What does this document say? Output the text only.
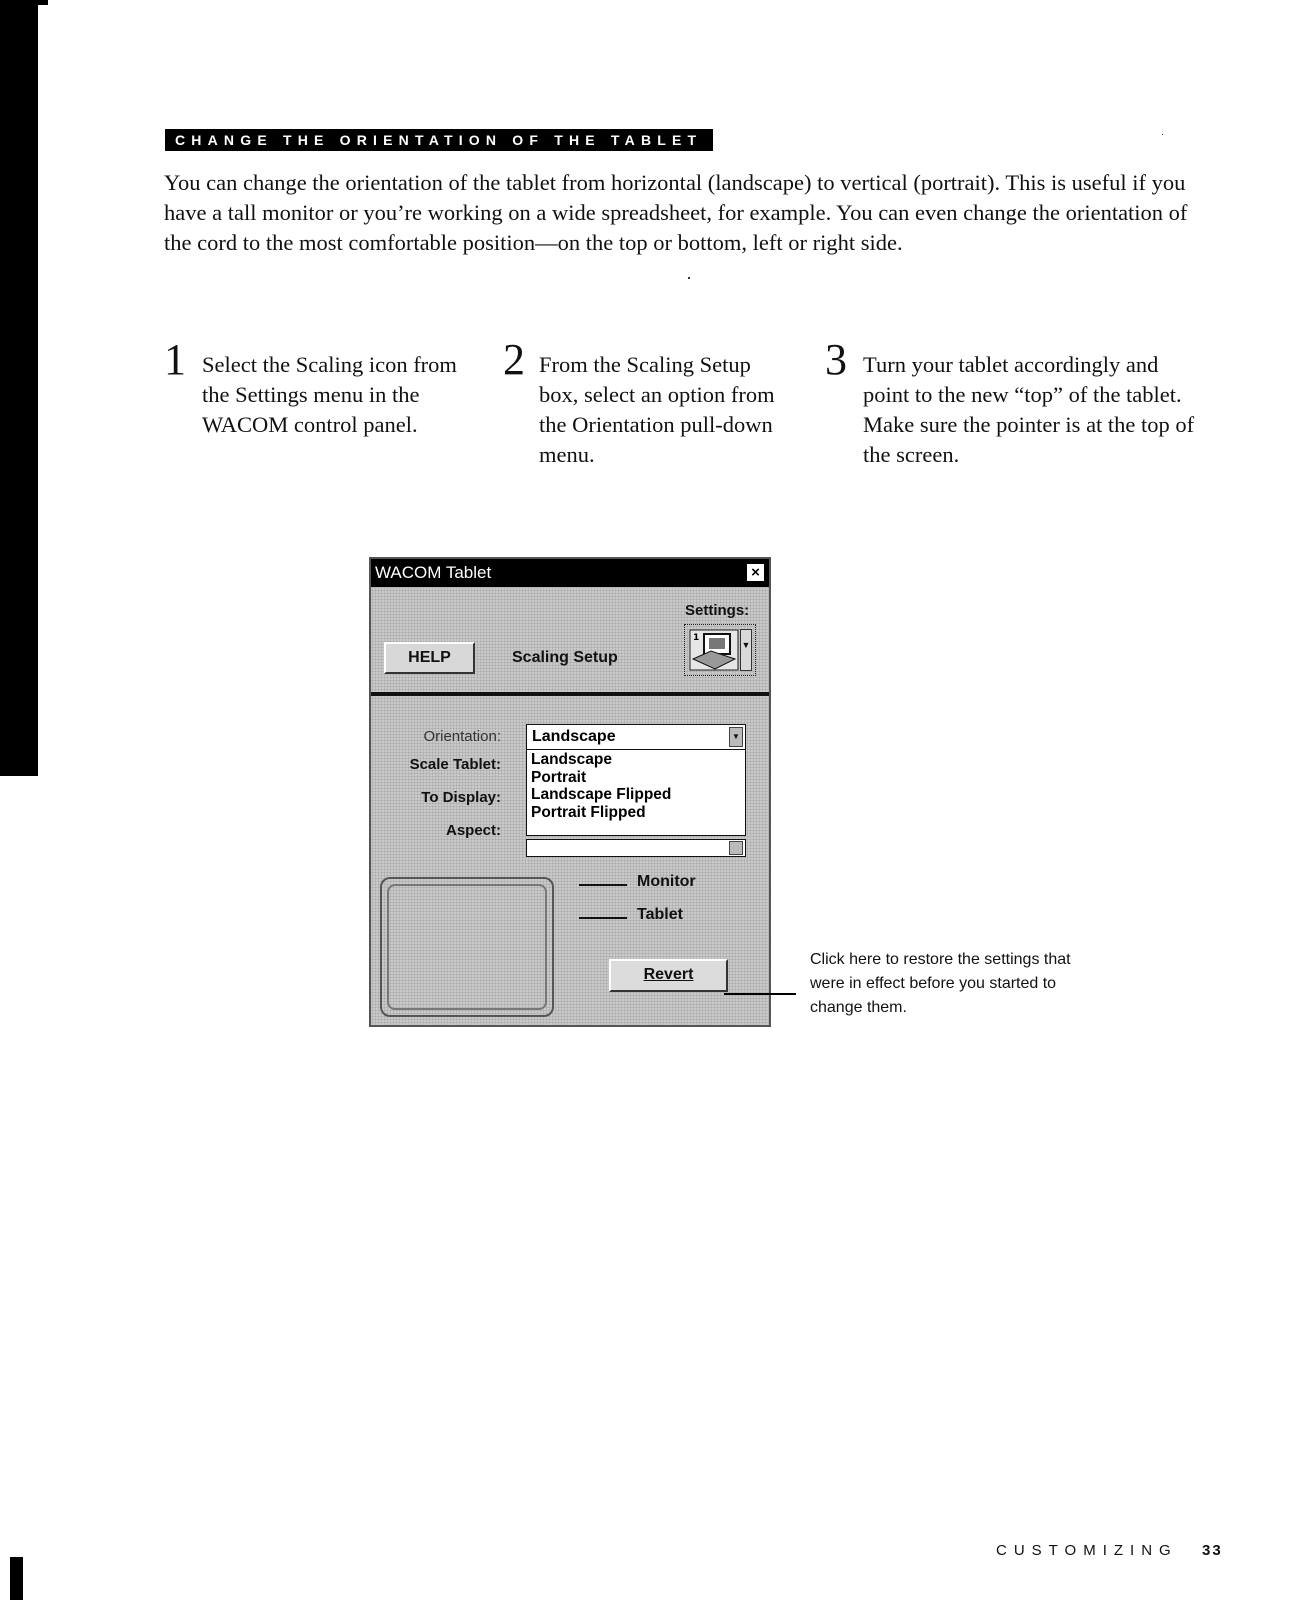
CHANGE THE ORIENTATION OF THE TABLET

You can change the orientation of the tablet from horizontal (landscape) to vertical (portrait). This is useful if you have a tall monitor or you’re working on a wide spreadsheet, for example. You can even change the orientation of the cord to the most comfortable position—on the top or bottom, left or right side.

1 Select the Scaling icon from the Settings menu in the WACOM control panel.

2 From the Scaling Setup box, select an option from the Orientation pull-down menu.

3 Turn your tablet accordingly and point to the new “top” of the tablet. Make sure the pointer is at the top of the screen.

WACOM Tablet	×
Settings:
1
▼
HELP	Scaling Setup
Orientation:
Scale Tablet:
To Display:
Aspect:
Landscape	▼
Landscape
Portrait
Landscape Flipped
Portrait Flipped
Monitor
Tablet
Revert

Click here to restore the settings that were in effect before you started to change them.

CUSTOMIZING 33
